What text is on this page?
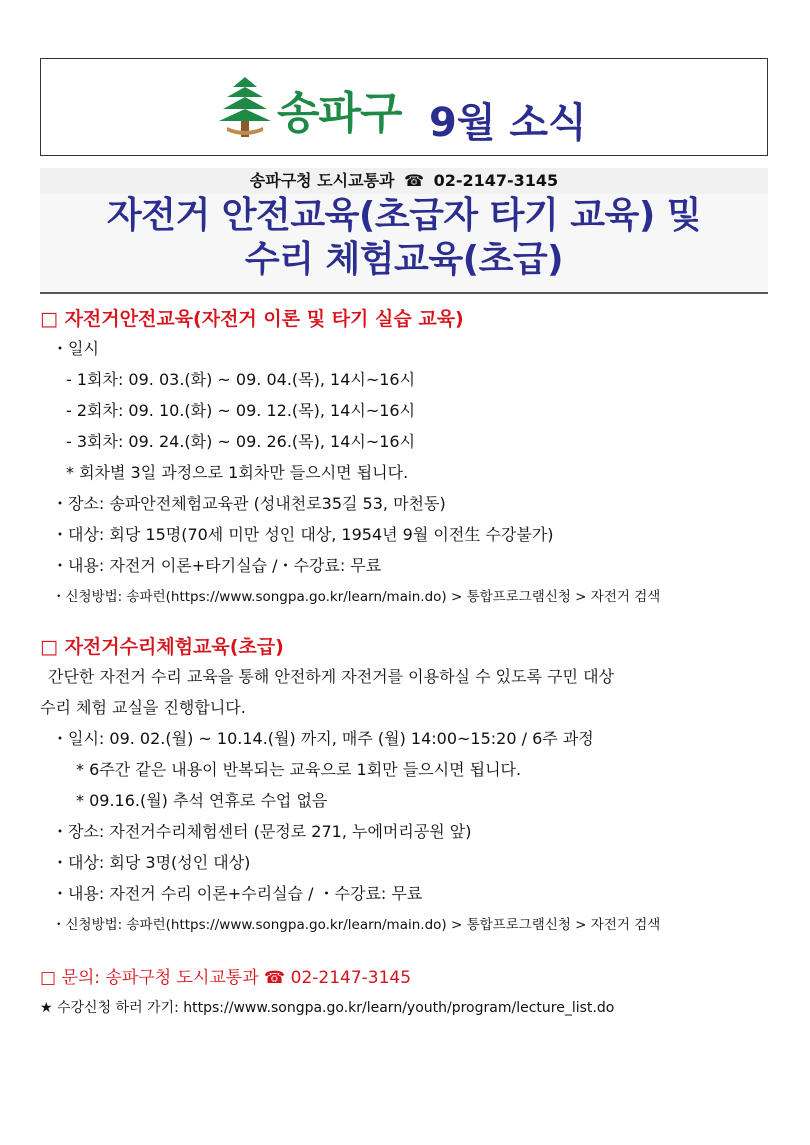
송파구 9월 소식
송파구청 도시교통과 ☎ 02-2147-3145
자전거 안전교육(초급자 타기 교육) 및
수리 체험교육(초급)

□ 자전거안전교육(자전거 이론 및 타기 실습 교육)

・일시

- 1회차: 09. 03.(화) ~ 09. 04.(목), 14시~16시

- 2회차: 09. 10.(화) ~ 09. 12.(목), 14시~16시

- 3회차: 09. 24.(화) ~ 09. 26.(목), 14시~16시

* 회차별 3일 과정으로 1회차만 들으시면 됩니다.

・장소: 송파안전체험교육관 (성내천로35길 53, 마천동)

・대상: 회당 15명(70세 미만 성인 대상, 1954년 9월 이전生 수강불가)

・내용: 자전거 이론+타기실습 /・수강료: 무료

・신청방법: 송파런(https://www.songpa.go.kr/learn/main.do) > 통합프로그램신청 > 자전거 검색

□ 자전거수리체험교육(초급)

간단한 자전거 수리 교육을 통해 안전하게 자전거를 이용하실 수 있도록 구민 대상

수리 체험 교실을 진행합니다.

・일시: 09. 02.(월) ~ 10.14.(월) 까지, 매주 (월) 14:00~15:20 / 6주 과정

* 6주간 같은 내용이 반복되는 교육으로 1회만 들으시면 됩니다.

* 09.16.(월) 추석 연휴로 수업 없음

・장소: 자전거수리체험센터 (문정로 271, 누에머리공원 앞)

・대상: 회당 3명(성인 대상)

・내용: 자전거 수리 이론+수리실습 / ・수강료: 무료

・신청방법: 송파런(https://www.songpa.go.kr/learn/main.do) > 통합프로그램신청 > 자전거 검색

□ 문의: 송파구청 도시교통과 ☎ 02-2147-3145

★ 수강신청 하러 가기: https://www.songpa.go.kr/learn/youth/program/lecture_list.do
